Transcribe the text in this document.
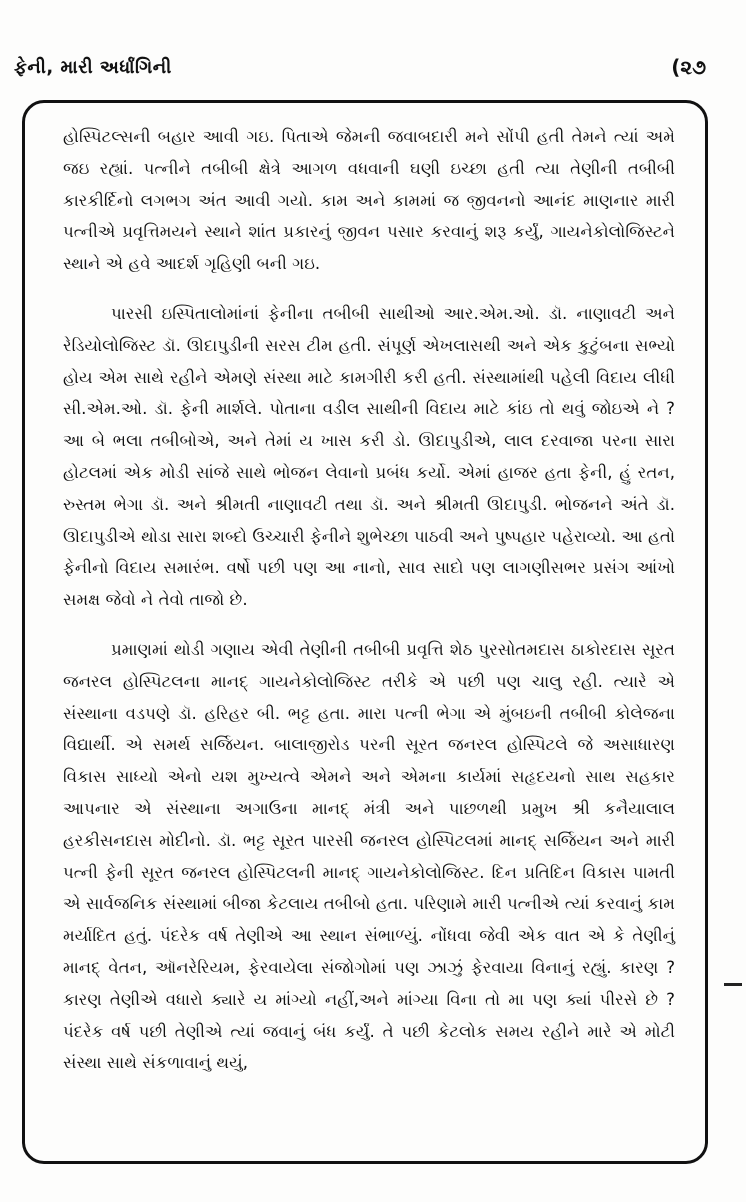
ફેની, મારી અર્ધાંગિની	(૨૭

હોસ્પિટલ્સની બહાર આવી ગઇ. પિતાએ જેમની જવાબદારી મને સોંપી હતી તેમને ત્યાં અમે જઇ રહ્યાં. પત્નીને તબીબી ક્ષેત્રે આગળ વધવાની ઘણી ઇચ્છા હતી ત્યા તેણીની તબીબી કારકીર્દિનો લગભગ અંત આવી ગયો. કામ અને કામમાં જ જીવનનો આનંદ માણનાર મારી પત્નીએ પ્રવૃત્તિમયને સ્થાને શાંત પ્રકારનું જીવન પસાર કરવાનું શરૂ કર્યું, ગાયનેકોલોજિસ્ટને સ્થાને એ હવે આદર્શ ગૃહિણી બની ગઇ.

પારસી ઇસ્પિતાલોમાંનાં ફેનીના તબીબી સાથીઓ આર.એમ.ઓ. ડૉ. નાણાવટી અને રેડિયોલોજિસ્ટ ડૉ. ઊદાપુડીની સરસ ટીમ હતી. સંપૂર્ણ એખલાસથી અને એક કુટુંબના સભ્યો હોય એમ સાથે રહીને એમણે સંસ્થા માટે કામગીરી કરી હતી. સંસ્થામાંથી પહેલી વિદાય લીધી સી.એમ.ઓ. ડૉ. ફેની માર્શલે. પોતાના વડીલ સાથીની વિદાય માટે કાંઇ તો થવું જોઇએ ને ? આ બે ભલા તબીબોએ, અને તેમાં ય ખાસ કરી ડો. ઊદાપુડીએ, લાલ દરવાજા પરના સારા હોટલમાં એક મોડી સાંજે સાથે ભોજન લેવાનો પ્રબંધ કર્યો. એમાં હાજર હતા ફેની, હું રતન, રુસ્તમ ભેગા ડૉ. અને શ્રીમતી નાણાવટી તથા ડૉ. અને શ્રીમતી ઊદાપુડી. ભોજનને અંતે ડૉ. ઊદાપુડીએ થોડા સારા શબ્દો ઉચ્ચારી ફેનીને શુભેચ્છા પાઠવી અને પુષ્પહાર પહેરાવ્યો. આ હતો ફેનીનો વિદાય સમારંભ. વર્ષો પછી પણ આ નાનો, સાવ સાદો પણ લાગણીસભર પ્રસંગ આંખો સમક્ષ જેવો ને તેવો તાજો છે.

પ્રમાણમાં થોડી ગણાય એવી તેણીની તબીબી પ્રવૃત્તિ શેઠ પુરસોતમદાસ ઠાકોરદાસ સૂરત જનરલ હોસ્પિટલના માનદ્ ગાયનેકોલોજિસ્ટ તરીકે એ પછી પણ ચાલુ રહી. ત્યારે એ સંસ્થાના વડપણે ડૉ. હરિહર બી. ભટ્ટ હતા. મારા પત્ની ભેગા એ મુંબઇની તબીબી કોલેજના વિદ્યાર્થી. એ સમર્થ સર્જિયન. બાલાજીરોડ પરની સૂરત જનરલ હોસ્પિટલે જે અસાધારણ વિકાસ સાધ્યો એનો યશ મુખ્યત્વે એમને અને એમના કાર્યમાં સહૃદયનો સાથ સહકાર આપનાર એ સંસ્થાના અગાઉના માનદ્ મંત્રી અને પાછળથી પ્રમુખ શ્રી કનૈયાલાલ હરકીસનદાસ મોદીનો. ડૉ. ભટ્ટ સૂરત પારસી જનરલ હોસ્પિટલમાં માનદ્ સર્જિયન અને મારી પત્ની ફેની સૂરત જનરલ હોસ્પિટલની માનદ્ ગાયનેકોલોજિસ્ટ. દિન પ્રતિદિન વિકાસ પામતી એ સાર્વજનિક સંસ્થામાં બીજા કેટલાય તબીબો હતા. પરિણામે મારી પત્નીએ ત્યાં કરવાનું કામ મર્યાદિત હતું. પંદરેક વર્ષ તેણીએ આ સ્થાન સંભાળ્યું. નોંધવા જેવી એક વાત એ કે તેણીનું માનદ્ વેતન, ઑનરેરિયમ, ફેરવાયેલા સંજોગોમાં પણ ઝાઝું ફેરવાયા વિનાનું રહ્યું. કારણ ? કારણ તેણીએ વધારો ક્યારે ય માંગ્યો નહીં,અને માંગ્યા વિના તો મા પણ ક્યાં પીરસે છે ? પંદરેક વર્ષ પછી તેણીએ ત્યાં જવાનું બંધ કર્યું. તે પછી કેટલોક સમય રહીને મારે એ મોટી સંસ્થા સાથે સંકળાવાનું થયું,
